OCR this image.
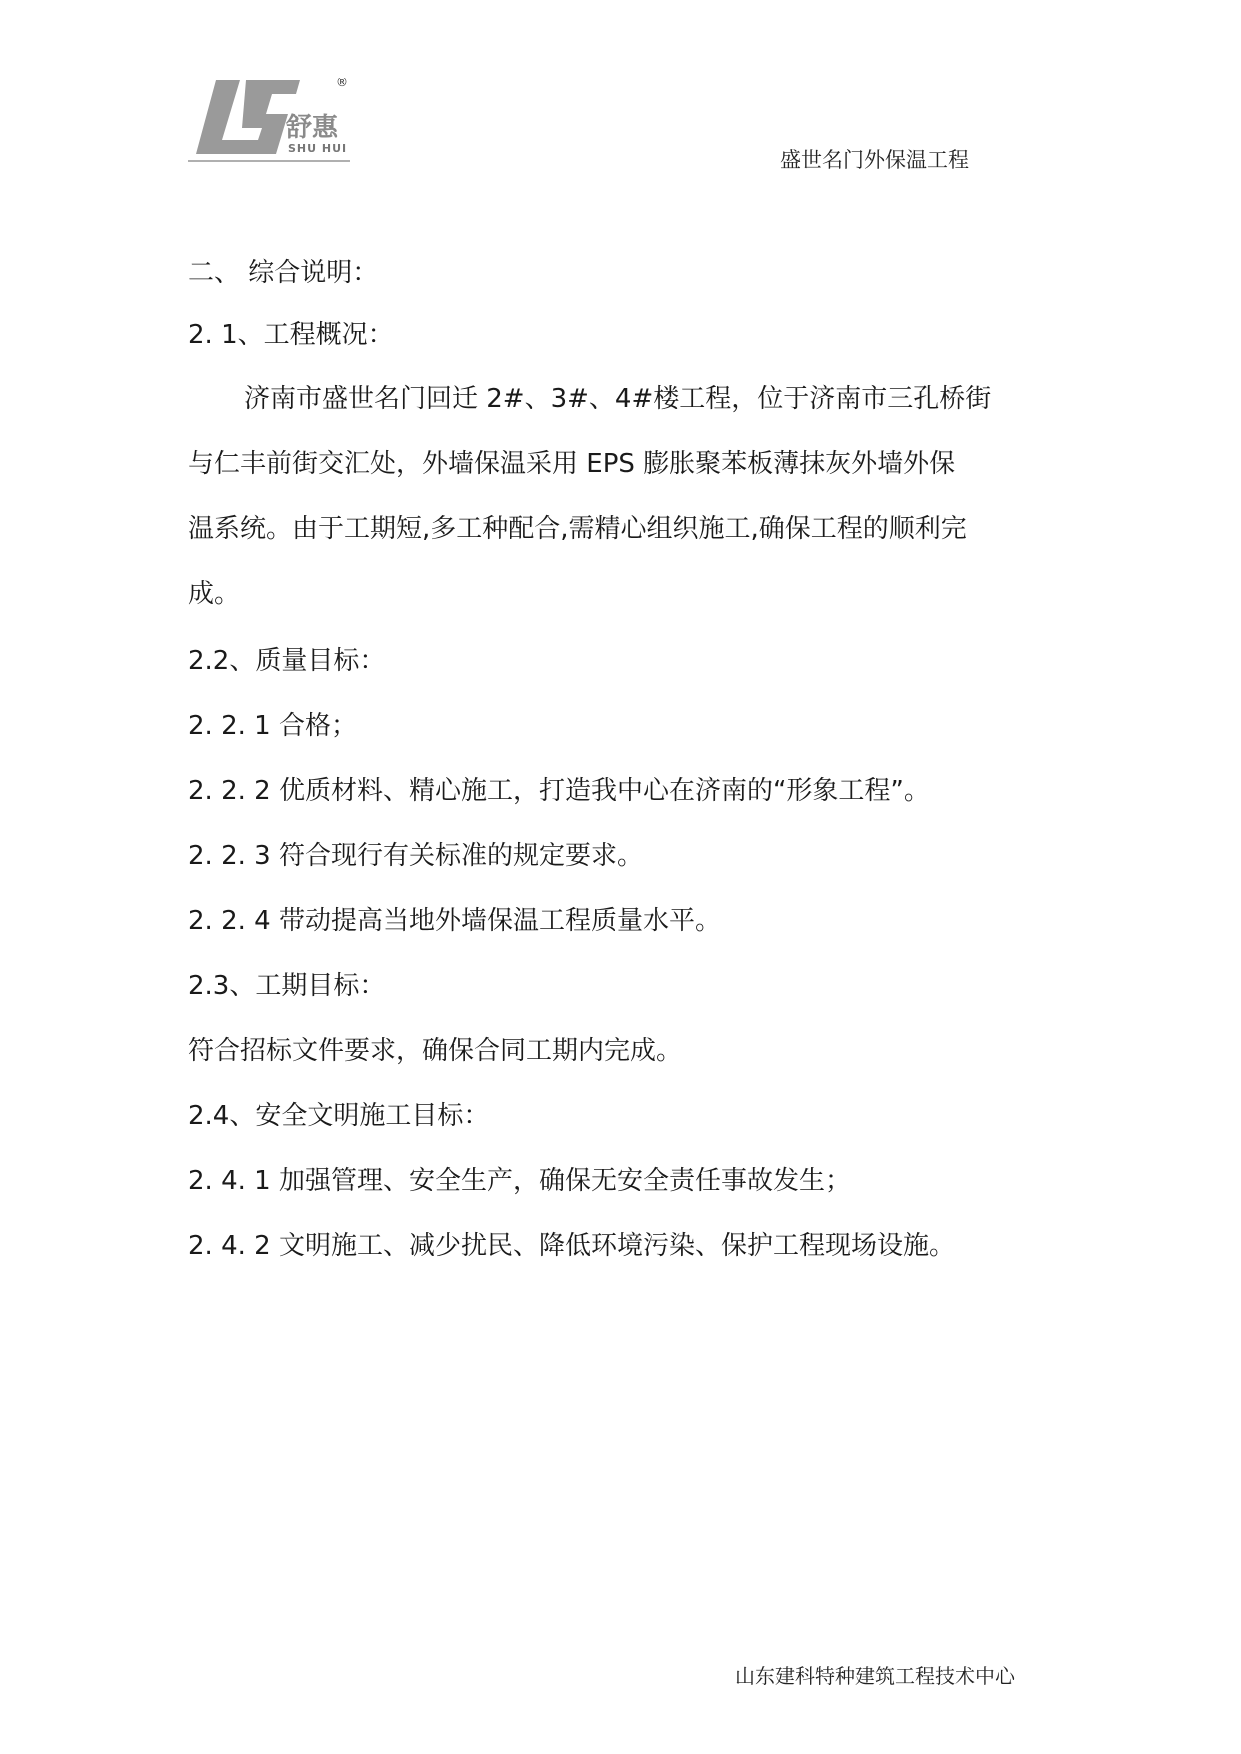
舒惠
SHU HUI
®
盛世名门外保温工程
二、 综合说明：
2. 1、工程概况：
济南市盛世名门回迁 2#、3#、4#楼工程，位于济南市三孔桥街
与仁丰前街交汇处，外墙保温采用 EPS 膨胀聚苯板薄抹灰外墙外保
温系统。由于工期短,多工种配合,需精心组织施工,确保工程的顺利完
成。
2.2、质量目标：
2. 2. 1 合格；
2. 2. 2 优质材料、精心施工，打造我中心在济南的“形象工程”。
2. 2. 3 符合现行有关标准的规定要求。
2. 2. 4 带动提高当地外墙保温工程质量水平。
2.3、工期目标：
符合招标文件要求，确保合同工期内完成。
2.4、安全文明施工目标：
2. 4. 1 加强管理、安全生产，确保无安全责任事故发生；
2. 4. 2 文明施工、减少扰民、降低环境污染、保护工程现场设施。
山东建科特种建筑工程技术中心
